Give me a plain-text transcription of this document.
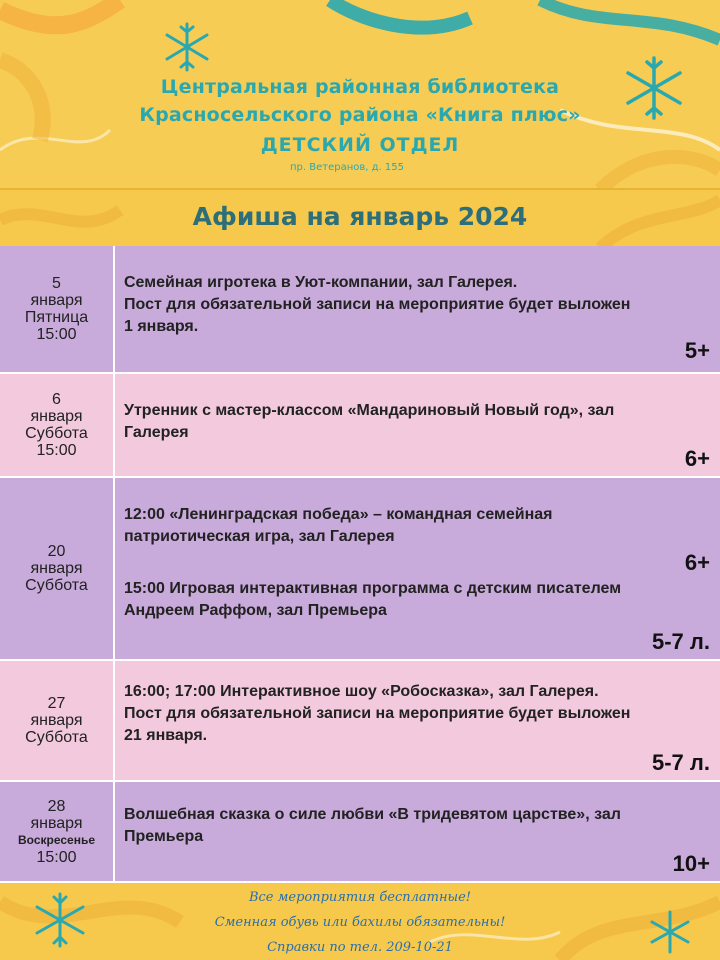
Центральная районная библиотека
Красносельского района «Книга плюс»
ДЕТСКИЙ ОТДЕЛ
пр. Ветеранов, д. 155
Афиша на январь 2024
5
января
Пятница
15:00
Семейная игротека в Уют-компании, зал Галерея.
Пост для обязательной записи на мероприятие будет выложен
1 января.
5+
6
января
Суббота
15:00
Утренник с мастер-классом «Мандариновый Новый год», зал
Галерея
6+
20
января
Суббота
12:00 «Ленинградская победа» – командная семейная
патриотическая игра, зал Галерея
6+
15:00 Игровая интерактивная программа с детским писателем
Андреем Раффом, зал Премьера
5-7 л.
27
января
Суббота
16:00; 17:00 Интерактивное шоу «Робосказка», зал Галерея.
Пост для обязательной записи на мероприятие будет выложен
21 января.
5-7 л.
28
января
Воскресенье
15:00
Волшебная сказка о силе любви «В тридевятом царстве», зал
Премьера
10+
Все мероприятия бесплатные!
Сменная обувь или бахилы обязательны!
Справки по тел. 209-10-21
